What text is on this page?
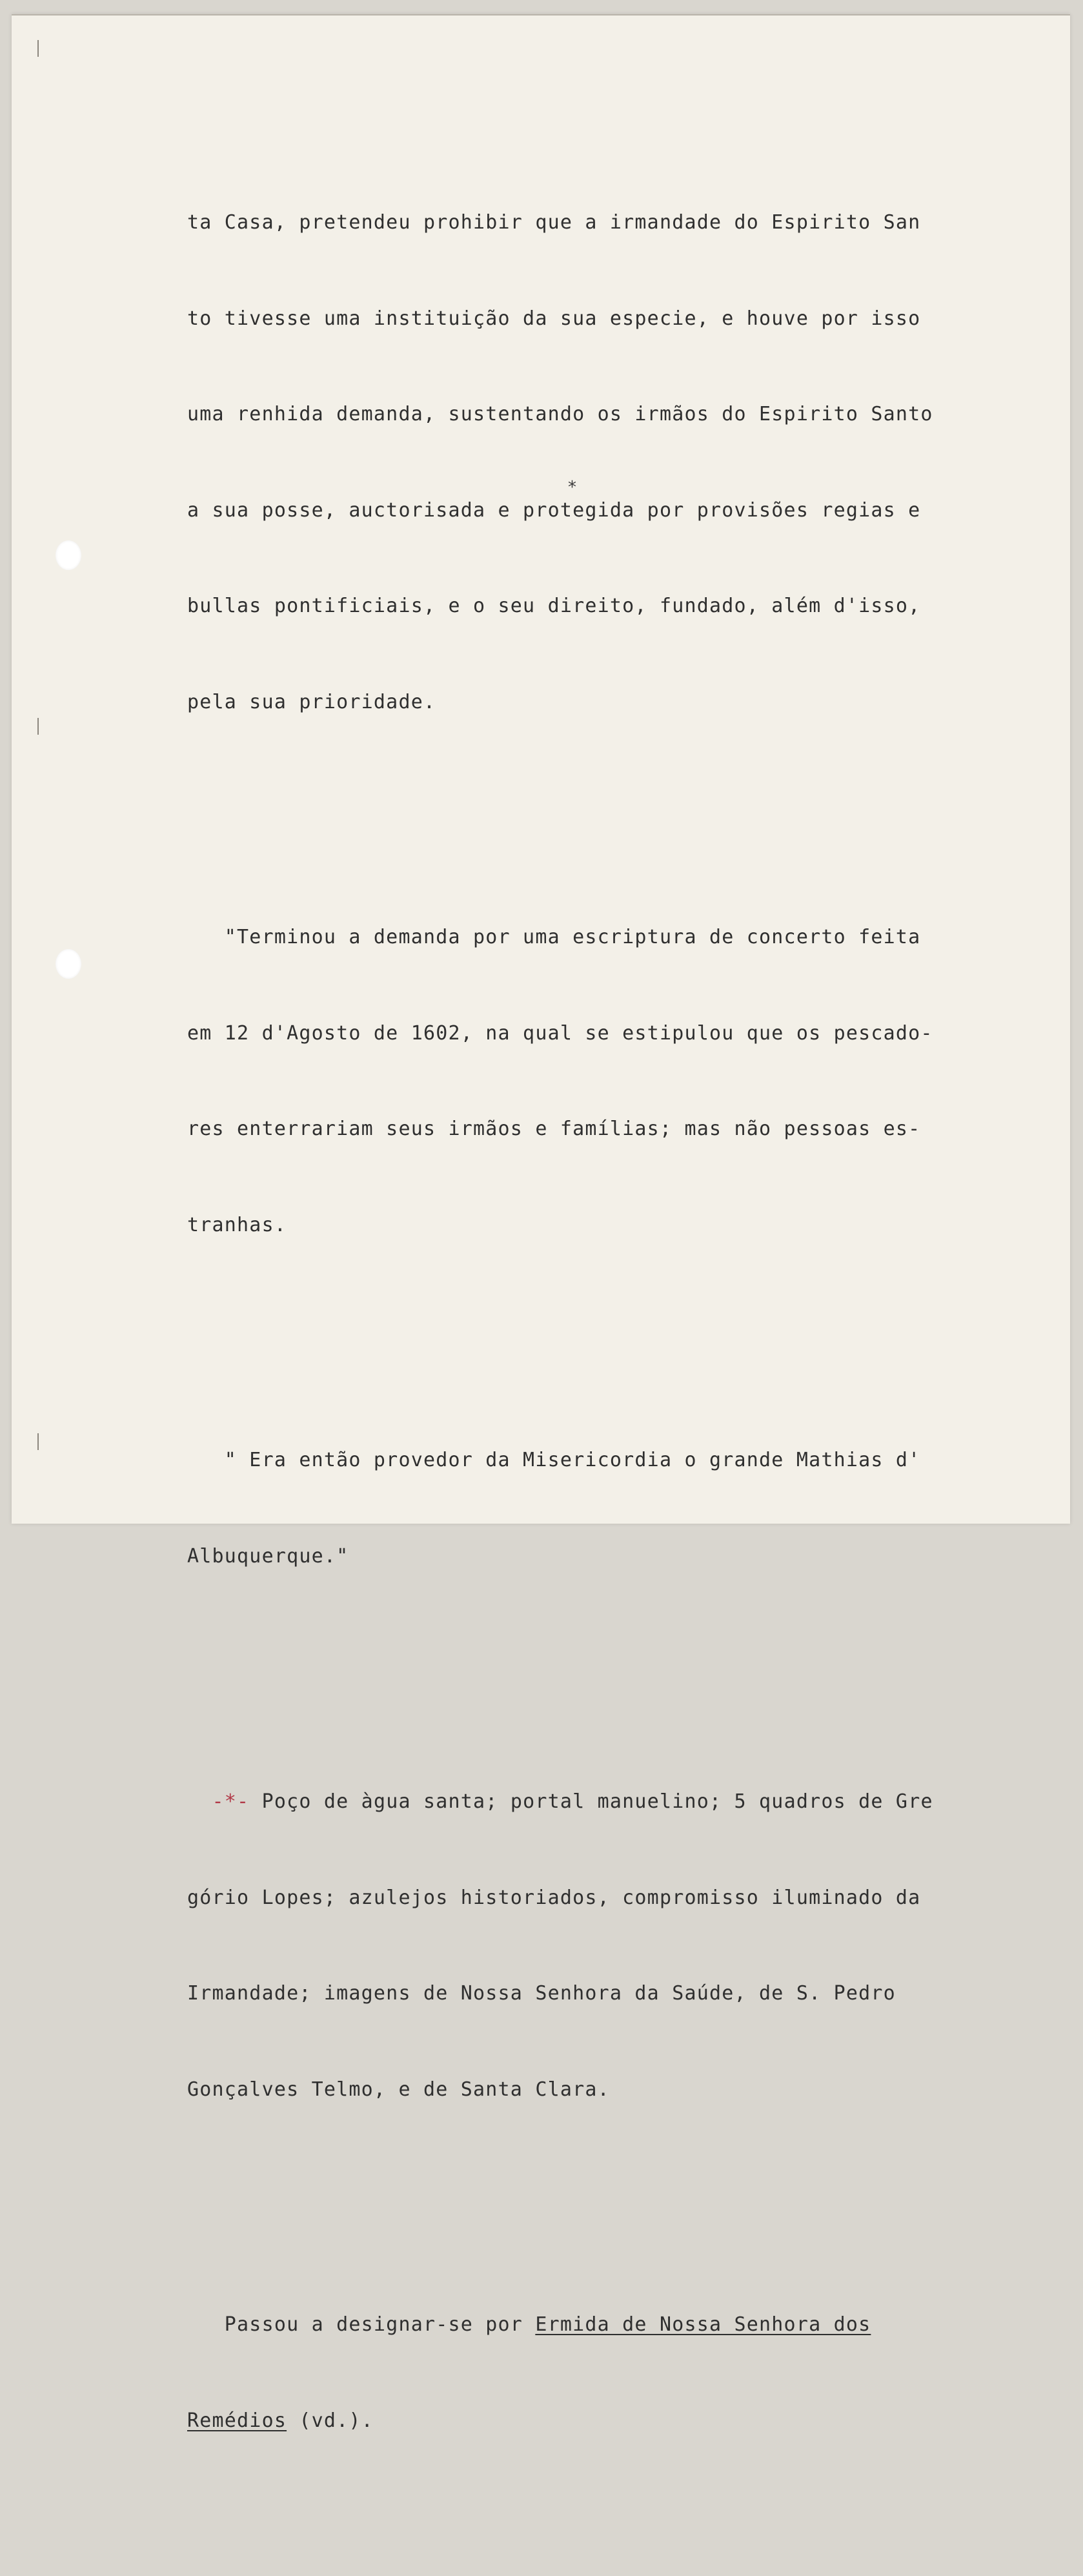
ta Casa, pretendeu prohibir que a irmandade do Espirito San

to tivesse uma instituição da sua especie, e houve por isso

uma renhida demanda, sustentando os irmãos do Espirito Santo

a sua posse, auctorisada e protegida por provisões regias e

bullas pontificiais, e o seu direito, fundado, além d'isso,

pela sua prioridade.

"Terminou a demanda por uma escriptura de concerto feita

em 12 d'Agosto de 1602, na qual se estipulou que os pescado-

res enterrariam seus irmãos e famílias; mas não pessoas es-

tranhas.

" Era então provedor da Misericordia o grande Mathias d'

Albuquerque."

-*- Poço de àgua santa; portal manuelino; 5 quadros de Gre

gório Lopes; azulejos historiados, compromisso iluminado da

Irmandade; imagens de Nossa Senhora da Saúde, de S. Pedro

Gonçalves Telmo, e de Santa Clara.

Passou a designar-se por Ermida de Nossa Senhora dos

Remédios (vd.).

*
